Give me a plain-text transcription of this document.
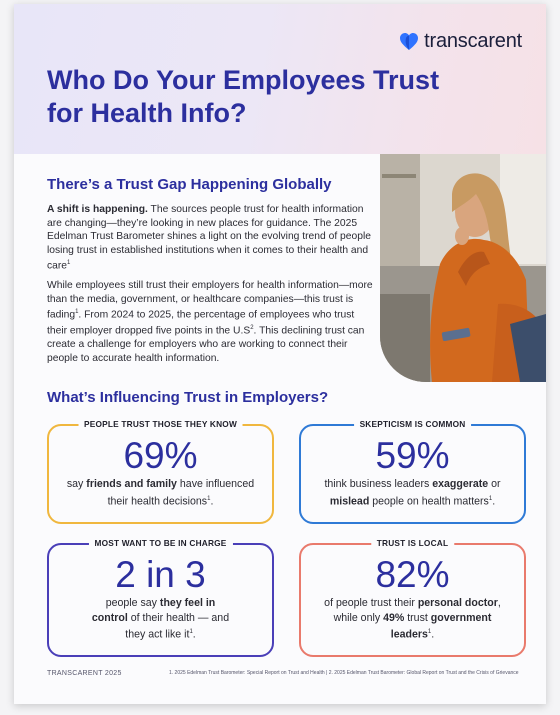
transcarent
Who Do Your Employees Trust for Health Info?
There’s a Trust Gap Happening Globally

A shift is happening. The sources people trust for health information are changing—they’re looking in new places for guidance. The 2025 Edelman Trust Barometer shines a light on the evolving trend of people losing trust in established institutions when it comes to their health and care$^1$

While employees still trust their employers for health information—more than the media, government, or healthcare companies—this trust is fading$^1$. From 2024 to 2025, the percentage of employees who trust their employer dropped five points in the $U.S^2$. This declining trust can create a challenge for employers who are working to connect their people to accurate health information.

What’s Influencing Trust in Employers?
PEOPLE TRUST THOSE THEY KNOW
69%
say friends and family have influenced their health decisions$^1$.
SKEPTICISM IS COMMON
59%
think business leaders exaggerate or mislead people on health matters$^1$.
MOST WANT TO BE IN CHARGE
2 in 3
people say they feel in control of their health — and they act like $it^1$.
TRUST IS LOCAL
82%
of people trust their personal doctor, while only 49% trust government leaders$^1$.
TRANSCARENT 2025	1. 2025 Edelman Trust Barometer: Special Report on Trust and Health | 2. 2025 Edelman Trust Barometer: Global Report on Trust and the Crisis of Grievance
